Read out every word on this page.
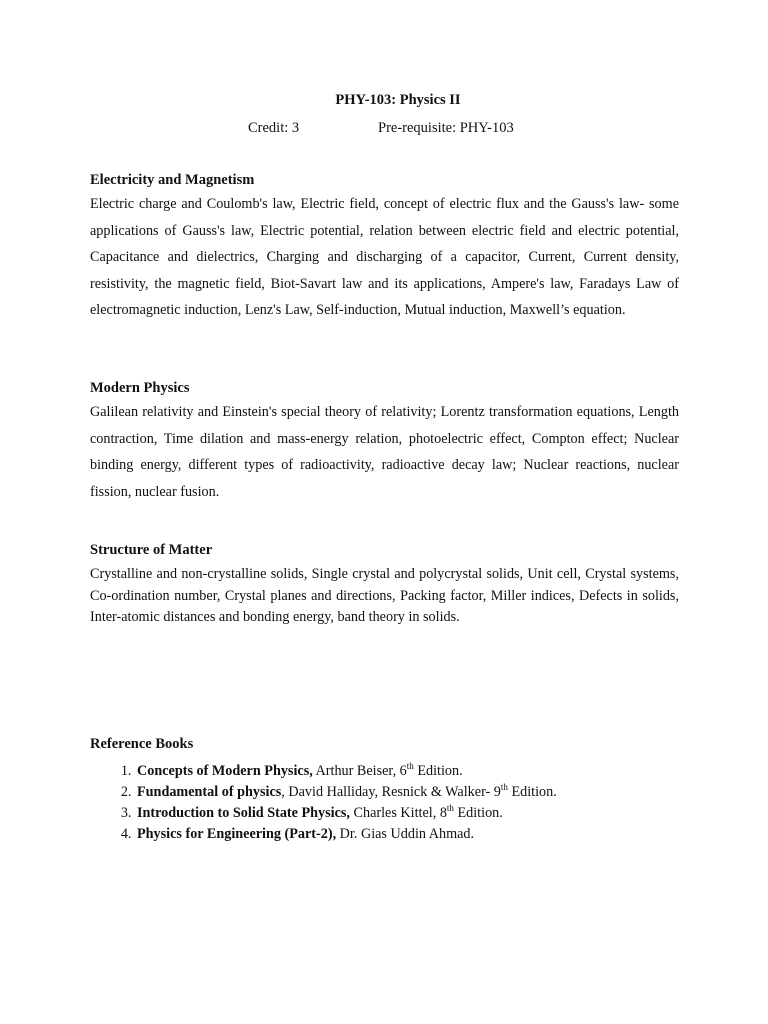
PHY-103: Physics II
Credit: 3	Pre-requisite: PHY-103
Electricity and Magnetism

Electric charge and Coulomb's law, Electric field, concept of electric flux and the Gauss's law- some applications of Gauss's law, Electric potential, relation between electric field and electric potential, Capacitance and dielectrics, Charging and discharging of a capacitor, Current, Current density, resistivity, the magnetic field, Biot-Savart law and its applications, Ampere's law, Faradays Law of electromagnetic induction, Lenz's Law, Self-induction, Mutual induction, Maxwell’s equation.

Modern Physics

Galilean relativity and Einstein's special theory of relativity; Lorentz transformation equations, Length contraction, Time dilation and mass-energy relation, photoelectric effect, Compton effect; Nuclear binding energy, different types of radioactivity, radioactive decay law; Nuclear reactions, nuclear fission, nuclear fusion.

Structure of Matter

Crystalline and non-crystalline solids, Single crystal and polycrystal solids, Unit cell, Crystal systems, Co-ordination number, Crystal planes and directions, Packing factor, Miller indices, Defects in solids, Inter-atomic distances and bonding energy, band theory in solids.

Reference Books
1. Concepts of Modern Physics, Arthur Beiser, 6th Edition.
2. Fundamental of physics, David Halliday, Resnick & Walker- 9th Edition.
3. Introduction to Solid State Physics, Charles Kittel, 8th Edition.
4. Physics for Engineering (Part-2), Dr. Gias Uddin Ahmad.
